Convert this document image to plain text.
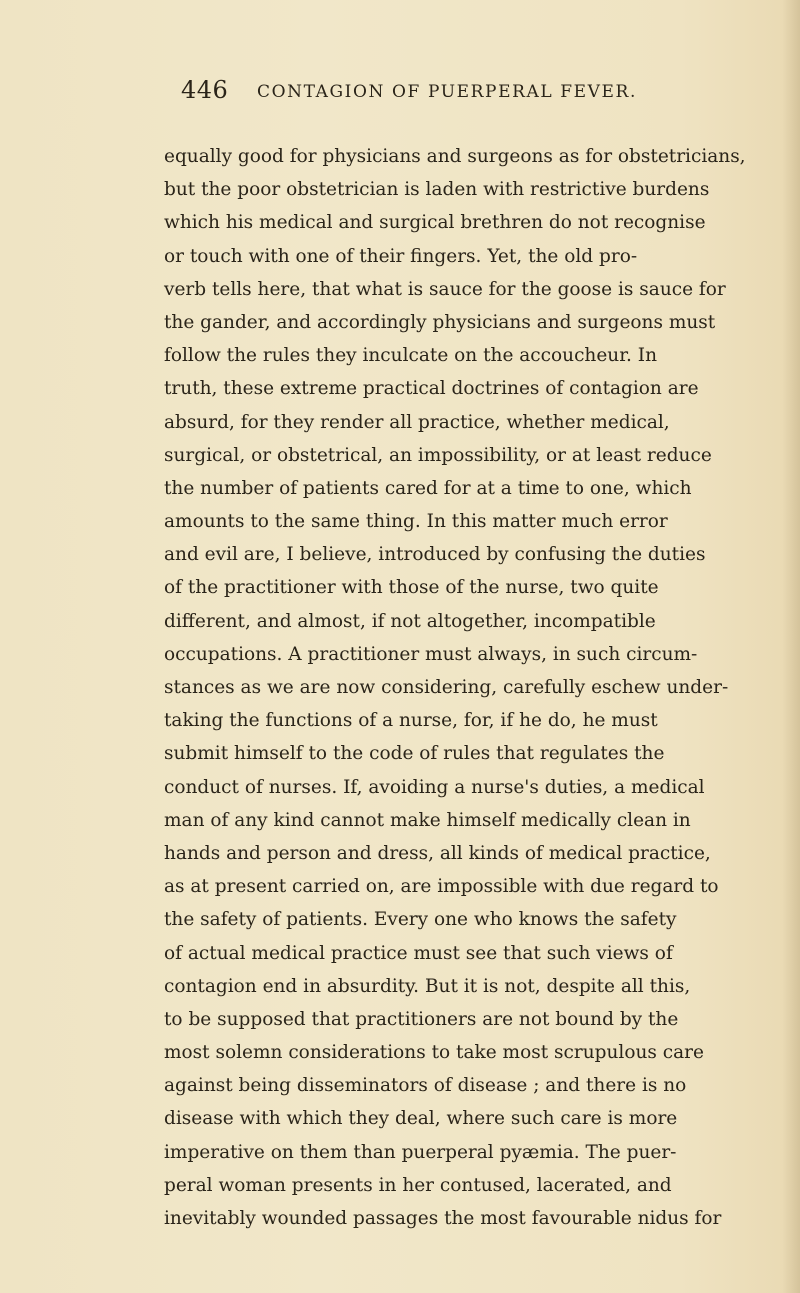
446 CONTAGION OF PUERPERAL FEVER.
equally good for physicians and surgeons as for obstetricians,
but the poor obstetrician is laden with restrictive burdens
which his medical and surgical brethren do not recognise
or touch with one of their fingers. Yet, the old pro-
verb tells here, that what is sauce for the goose is sauce for
the gander, and accordingly physicians and surgeons must
follow the rules they inculcate on the accoucheur. In
truth, these extreme practical doctrines of contagion are
absurd, for they render all practice, whether medical,
surgical, or obstetrical, an impossibility, or at least reduce
the number of patients cared for at a time to one, which
amounts to the same thing. In this matter much error
and evil are, I believe, introduced by confusing the duties
of the practitioner with those of the nurse, two quite
different, and almost, if not altogether, incompatible
occupations. A practitioner must always, in such circum-
stances as we are now considering, carefully eschew under-
taking the functions of a nurse, for, if he do, he must
submit himself to the code of rules that regulates the
conduct of nurses. If, avoiding a nurse's duties, a medical
man of any kind cannot make himself medically clean in
hands and person and dress, all kinds of medical practice,
as at present carried on, are impossible with due regard to
the safety of patients. Every one who knows the safety
of actual medical practice must see that such views of
contagion end in absurdity. But it is not, despite all this,
to be supposed that practitioners are not bound by the
most solemn considerations to take most scrupulous care
against being disseminators of disease ; and there is no
disease with which they deal, where such care is more
imperative on them than puerperal pyæmia. The puer-
peral woman presents in her contused, lacerated, and
inevitably wounded passages the most favourable nidus for
